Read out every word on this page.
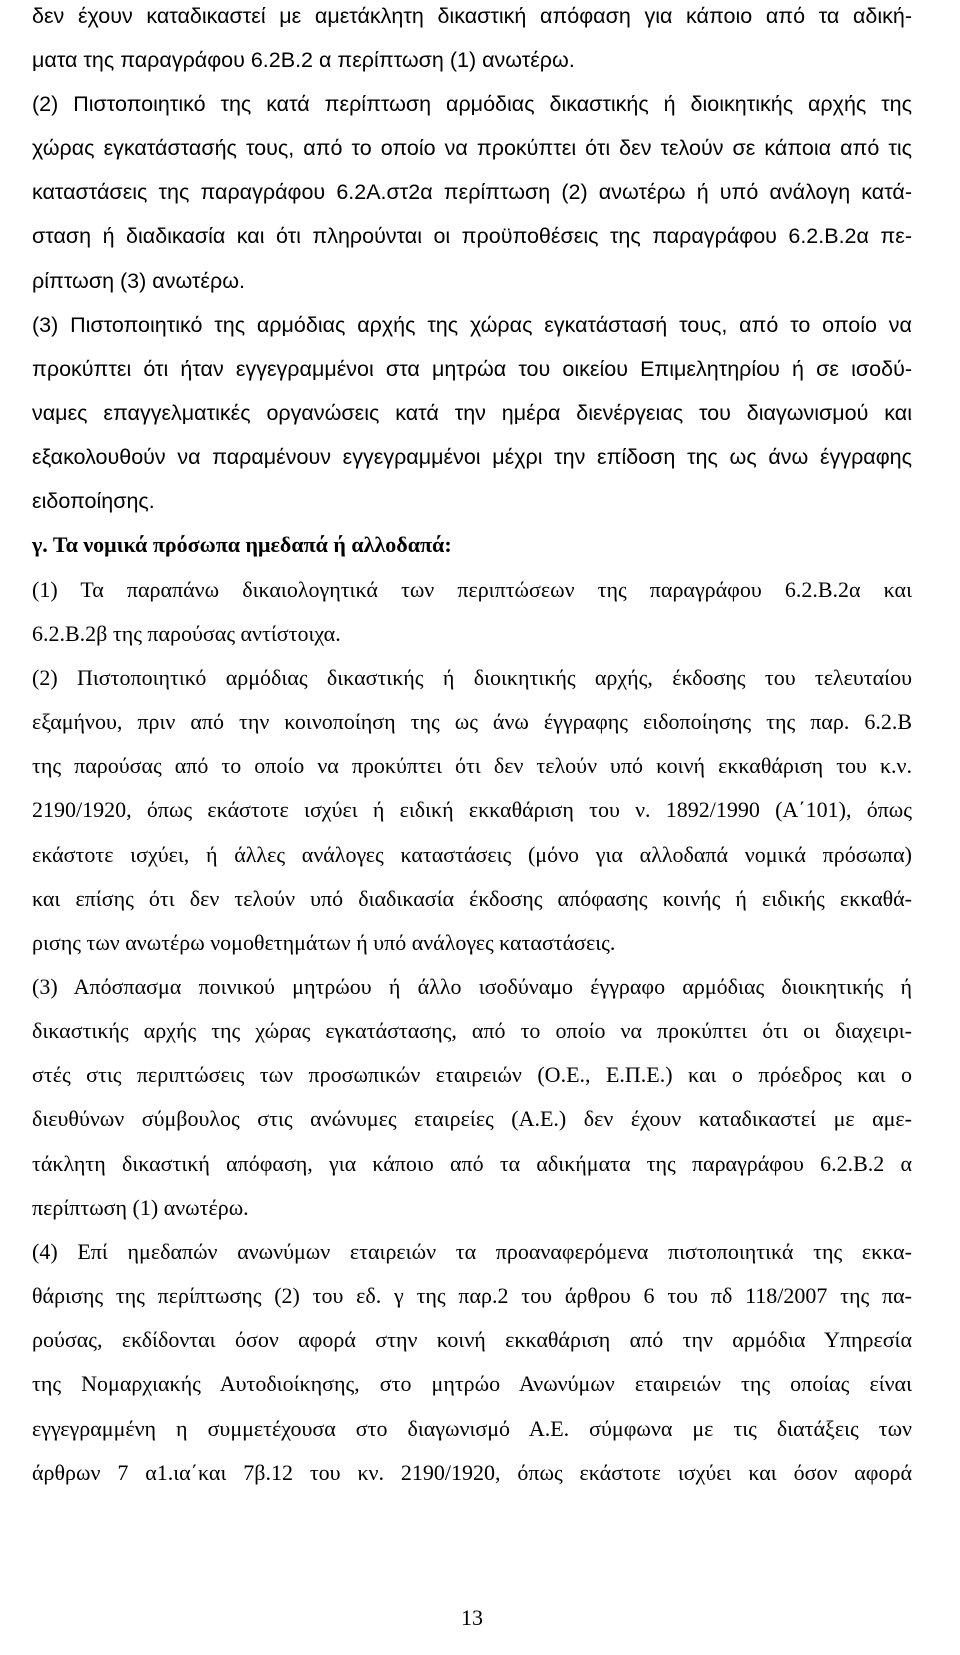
δεν έχουν καταδικαστεί με αμετάκλητη δικαστική απόφαση για κάποιο από τα αδική-
ματα της παραγράφου 6.2Β.2 α περίπτωση (1) ανωτέρω.
(2) Πιστοποιητικό της κατά περίπτωση αρμόδιας δικαστικής ή διοικητικής αρχής της
χώρας εγκατάστασής τους, από το οποίο να προκύπτει ότι δεν τελούν σε κάποια από τις
καταστάσεις της παραγράφου 6.2Α.στ2α περίπτωση (2) ανωτέρω ή υπό ανάλογη κατά-
σταση ή διαδικασία και ότι πληρούνται οι προϋποθέσεις της παραγράφου 6.2.Β.2α πε-
ρίπτωση (3) ανωτέρω.
(3) Πιστοποιητικό της αρμόδιας αρχής της χώρας εγκατάστασή τους, από το οποίο να
προκύπτει ότι ήταν εγγεγραμμένοι στα μητρώα του οικείου Επιμελητηρίου ή σε ισοδύ-
ναμες επαγγελματικές οργανώσεις κατά την ημέρα διενέργειας του διαγωνισμού και
εξακολουθούν να παραμένουν εγγεγραμμένοι μέχρι την επίδοση της ως άνω έγγραφης
ειδοποίησης.
γ. Τα νομικά πρόσωπα ημεδαπά ή αλλοδαπά:
(1) Τα παραπάνω δικαιολογητικά των περιπτώσεων της παραγράφου 6.2.Β.2α και
6.2.Β.2β της παρούσας αντίστοιχα.
(2) Πιστοποιητικό αρμόδιας δικαστικής ή διοικητικής αρχής, έκδοσης του τελευταίου
εξαμήνου, πριν από την κοινοποίηση της ως άνω έγγραφης ειδοποίησης της παρ. 6.2.Β
της παρούσας από το οποίο να προκύπτει ότι δεν τελούν υπό κοινή εκκαθάριση του κ.ν.
2190/1920, όπως εκάστοτε ισχύει ή ειδική εκκαθάριση του ν. 1892/1990 (Α΄101), όπως
εκάστοτε ισχύει, ή άλλες ανάλογες καταστάσεις (μόνο για αλλοδαπά νομικά πρόσωπα)
και επίσης ότι δεν τελούν υπό διαδικασία έκδοσης απόφασης κοινής ή ειδικής εκκαθά-
ρισης των ανωτέρω νομοθετημάτων ή υπό ανάλογες καταστάσεις.
(3) Απόσπασμα ποινικού μητρώου ή άλλο ισοδύναμο έγγραφο αρμόδιας διοικητικής ή
δικαστικής αρχής της χώρας εγκατάστασης, από το οποίο να προκύπτει ότι οι διαχειρι-
στές στις περιπτώσεις των προσωπικών εταιρειών (Ο.Ε., Ε.Π.Ε.) και ο πρόεδρος και ο
διευθύνων σύμβουλος στις ανώνυμες εταιρείες (Α.Ε.) δεν έχουν καταδικαστεί με αμε-
τάκλητη δικαστική απόφαση, για κάποιο από τα αδικήματα της παραγράφου 6.2.Β.2 α
περίπτωση (1) ανωτέρω.
(4) Επί ημεδαπών ανωνύμων εταιρειών τα προαναφερόμενα πιστοποιητικά της εκκα-
θάρισης της περίπτωσης (2) του εδ. γ της παρ.2 του άρθρου 6 του πδ 118/2007 της πα-
ρούσας, εκδίδονται όσον αφορά στην κοινή εκκαθάριση από την αρμόδια Υπηρεσία
της Νομαρχιακής Αυτοδιοίκησης, στο μητρώο Ανωνύμων εταιρειών της οποίας είναι
εγγεγραμμένη η συμμετέχουσα στο διαγωνισμό Α.Ε. σύμφωνα με τις διατάξεις των
άρθρων 7 α1.ια΄και 7β.12 του κν. 2190/1920, όπως εκάστοτε ισχύει και όσον αφορά
13
